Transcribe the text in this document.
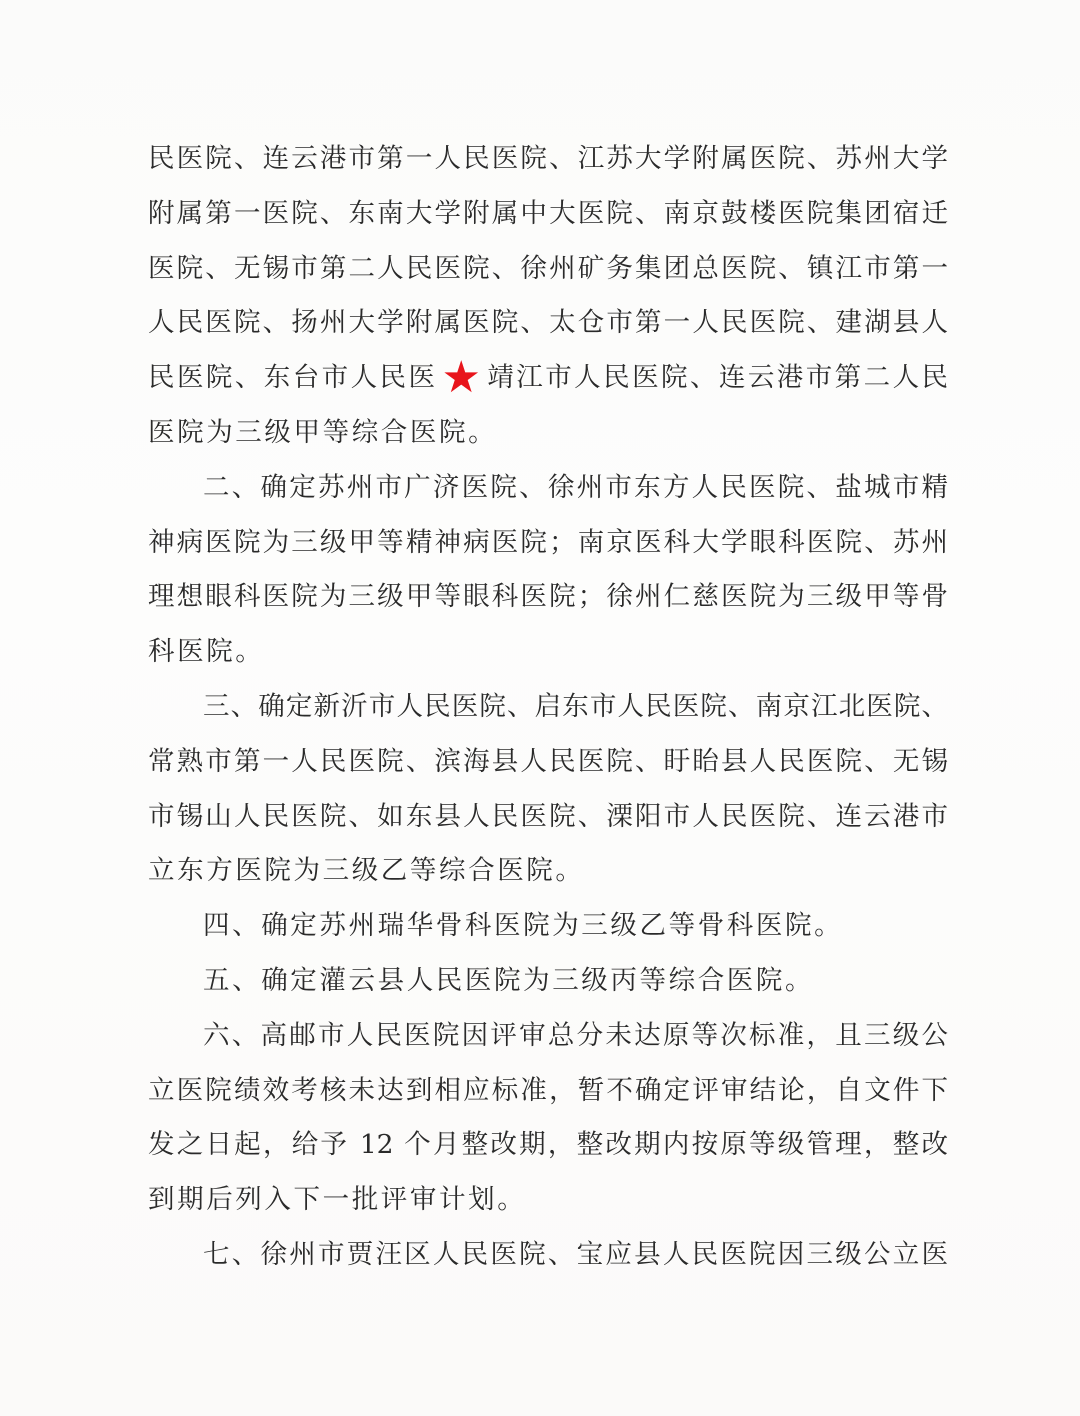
民医院、连云港市第一人民医院、江苏大学附属医院、苏州大学
附属第一医院、东南大学附属中大医院、南京鼓楼医院集团宿迁
医院、无锡市第二人民医院、徐州矿务集团总医院、镇江市第一
人民医院、扬州大学附属医院、太仓市第一人民医院、建湖县人
民医院、东台市人民医★ 靖江市人民医院、连云港市第二人民
医院为三级甲等综合医院。
二、确定苏州市广济医院、徐州市东方人民医院、盐城市精
神病医院为三级甲等精神病医院；南京医科大学眼科医院、苏州
理想眼科医院为三级甲等眼科医院；徐州仁慈医院为三级甲等骨
科医院。
三、确定新沂市人民医院、启东市人民医院、南京江北医院、
常熟市第一人民医院、滨海县人民医院、盱眙县人民医院、无锡
市锡山人民医院、如东县人民医院、溧阳市人民医院、连云港市
立东方医院为三级乙等综合医院。
四、确定苏州瑞华骨科医院为三级乙等骨科医院。
五、确定灌云县人民医院为三级丙等综合医院。
六、高邮市人民医院因评审总分未达原等次标准，且三级公
立医院绩效考核未达到相应标准，暂不确定评审结论，自文件下
发之日起，给予 12 个月整改期，整改期内按原等级管理，整改
到期后列入下一批评审计划。
七、徐州市贾汪区人民医院、宝应县人民医院因三级公立医
